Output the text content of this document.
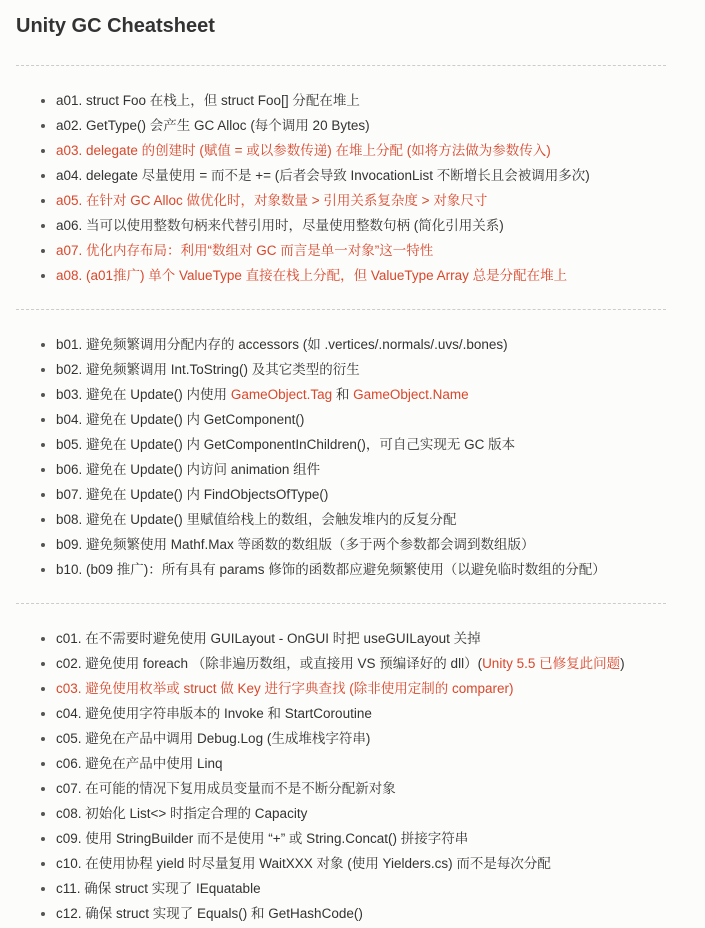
Unity GC Cheatsheet
a01. struct Foo 在栈上，但 struct Foo[] 分配在堆上
a02. GetType() 会产生 GC Alloc (每个调用 20 Bytes)
a03. delegate 的创建时 (赋值 = 或以参数传递) 在堆上分配 (如将方法做为参数传入)
a04. delegate 尽量使用 = 而不是 += (后者会导致 InvocationList 不断增长且会被调用多次)
a05. 在针对 GC Alloc 做优化时，对象数量 > 引用关系复杂度 > 对象尺寸
a06. 当可以使用整数句柄来代替引用时，尽量使用整数句柄 (简化引用关系)
a07. 优化内存布局：利用“数组对 GC 而言是单一对象”这一特性
a08. (a01推广) 单个 ValueType 直接在栈上分配，但 ValueType Array 总是分配在堆上
b01. 避免频繁调用分配内存的 accessors (如 .vertices/.normals/.uvs/.bones)
b02. 避免频繁调用 Int.ToString() 及其它类型的衍生
b03. 避免在 Update() 内使用 GameObject.Tag 和 GameObject.Name
b04. 避免在 Update() 内 GetComponent()
b05. 避免在 Update() 内 GetComponentInChildren()，可自己实现无 GC 版本
b06. 避免在 Update() 内访问 animation 组件
b07. 避免在 Update() 内 FindObjectsOfType()
b08. 避免在 Update() 里赋值给栈上的数组，会触发堆内的反复分配
b09. 避免频繁使用 Mathf.Max 等函数的数组版（多于两个参数都会调到数组版）
b10. (b09 推广)：所有具有 params 修饰的函数都应避免频繁使用（以避免临时数组的分配）
c01. 在不需要时避免使用 GUILayout - OnGUI 时把 useGUILayout 关掉
c02. 避免使用 foreach （除非遍历数组，或直接用 VS 预编译好的 dll）(Unity 5.5 已修复此问题)
c03. 避免使用枚举或 struct 做 Key 进行字典查找 (除非使用定制的 comparer)
c04. 避免使用字符串版本的 Invoke 和 StartCoroutine
c05. 避免在产品中调用 Debug.Log (生成堆栈字符串)
c06. 避免在产品中使用 Linq
c07. 在可能的情况下复用成员变量而不是不断分配新对象
c08. 初始化 List<> 时指定合理的 Capacity
c09. 使用 StringBuilder 而不是使用 “+” 或 String.Concat() 拼接字符串
c10. 在使用协程 yield 时尽量复用 WaitXXX 对象 (使用 Yielders.cs) 而不是每次分配
c11. 确保 struct 实现了 IEquatable
c12. 确保 struct 实现了 Equals() 和 GetHashCode()
